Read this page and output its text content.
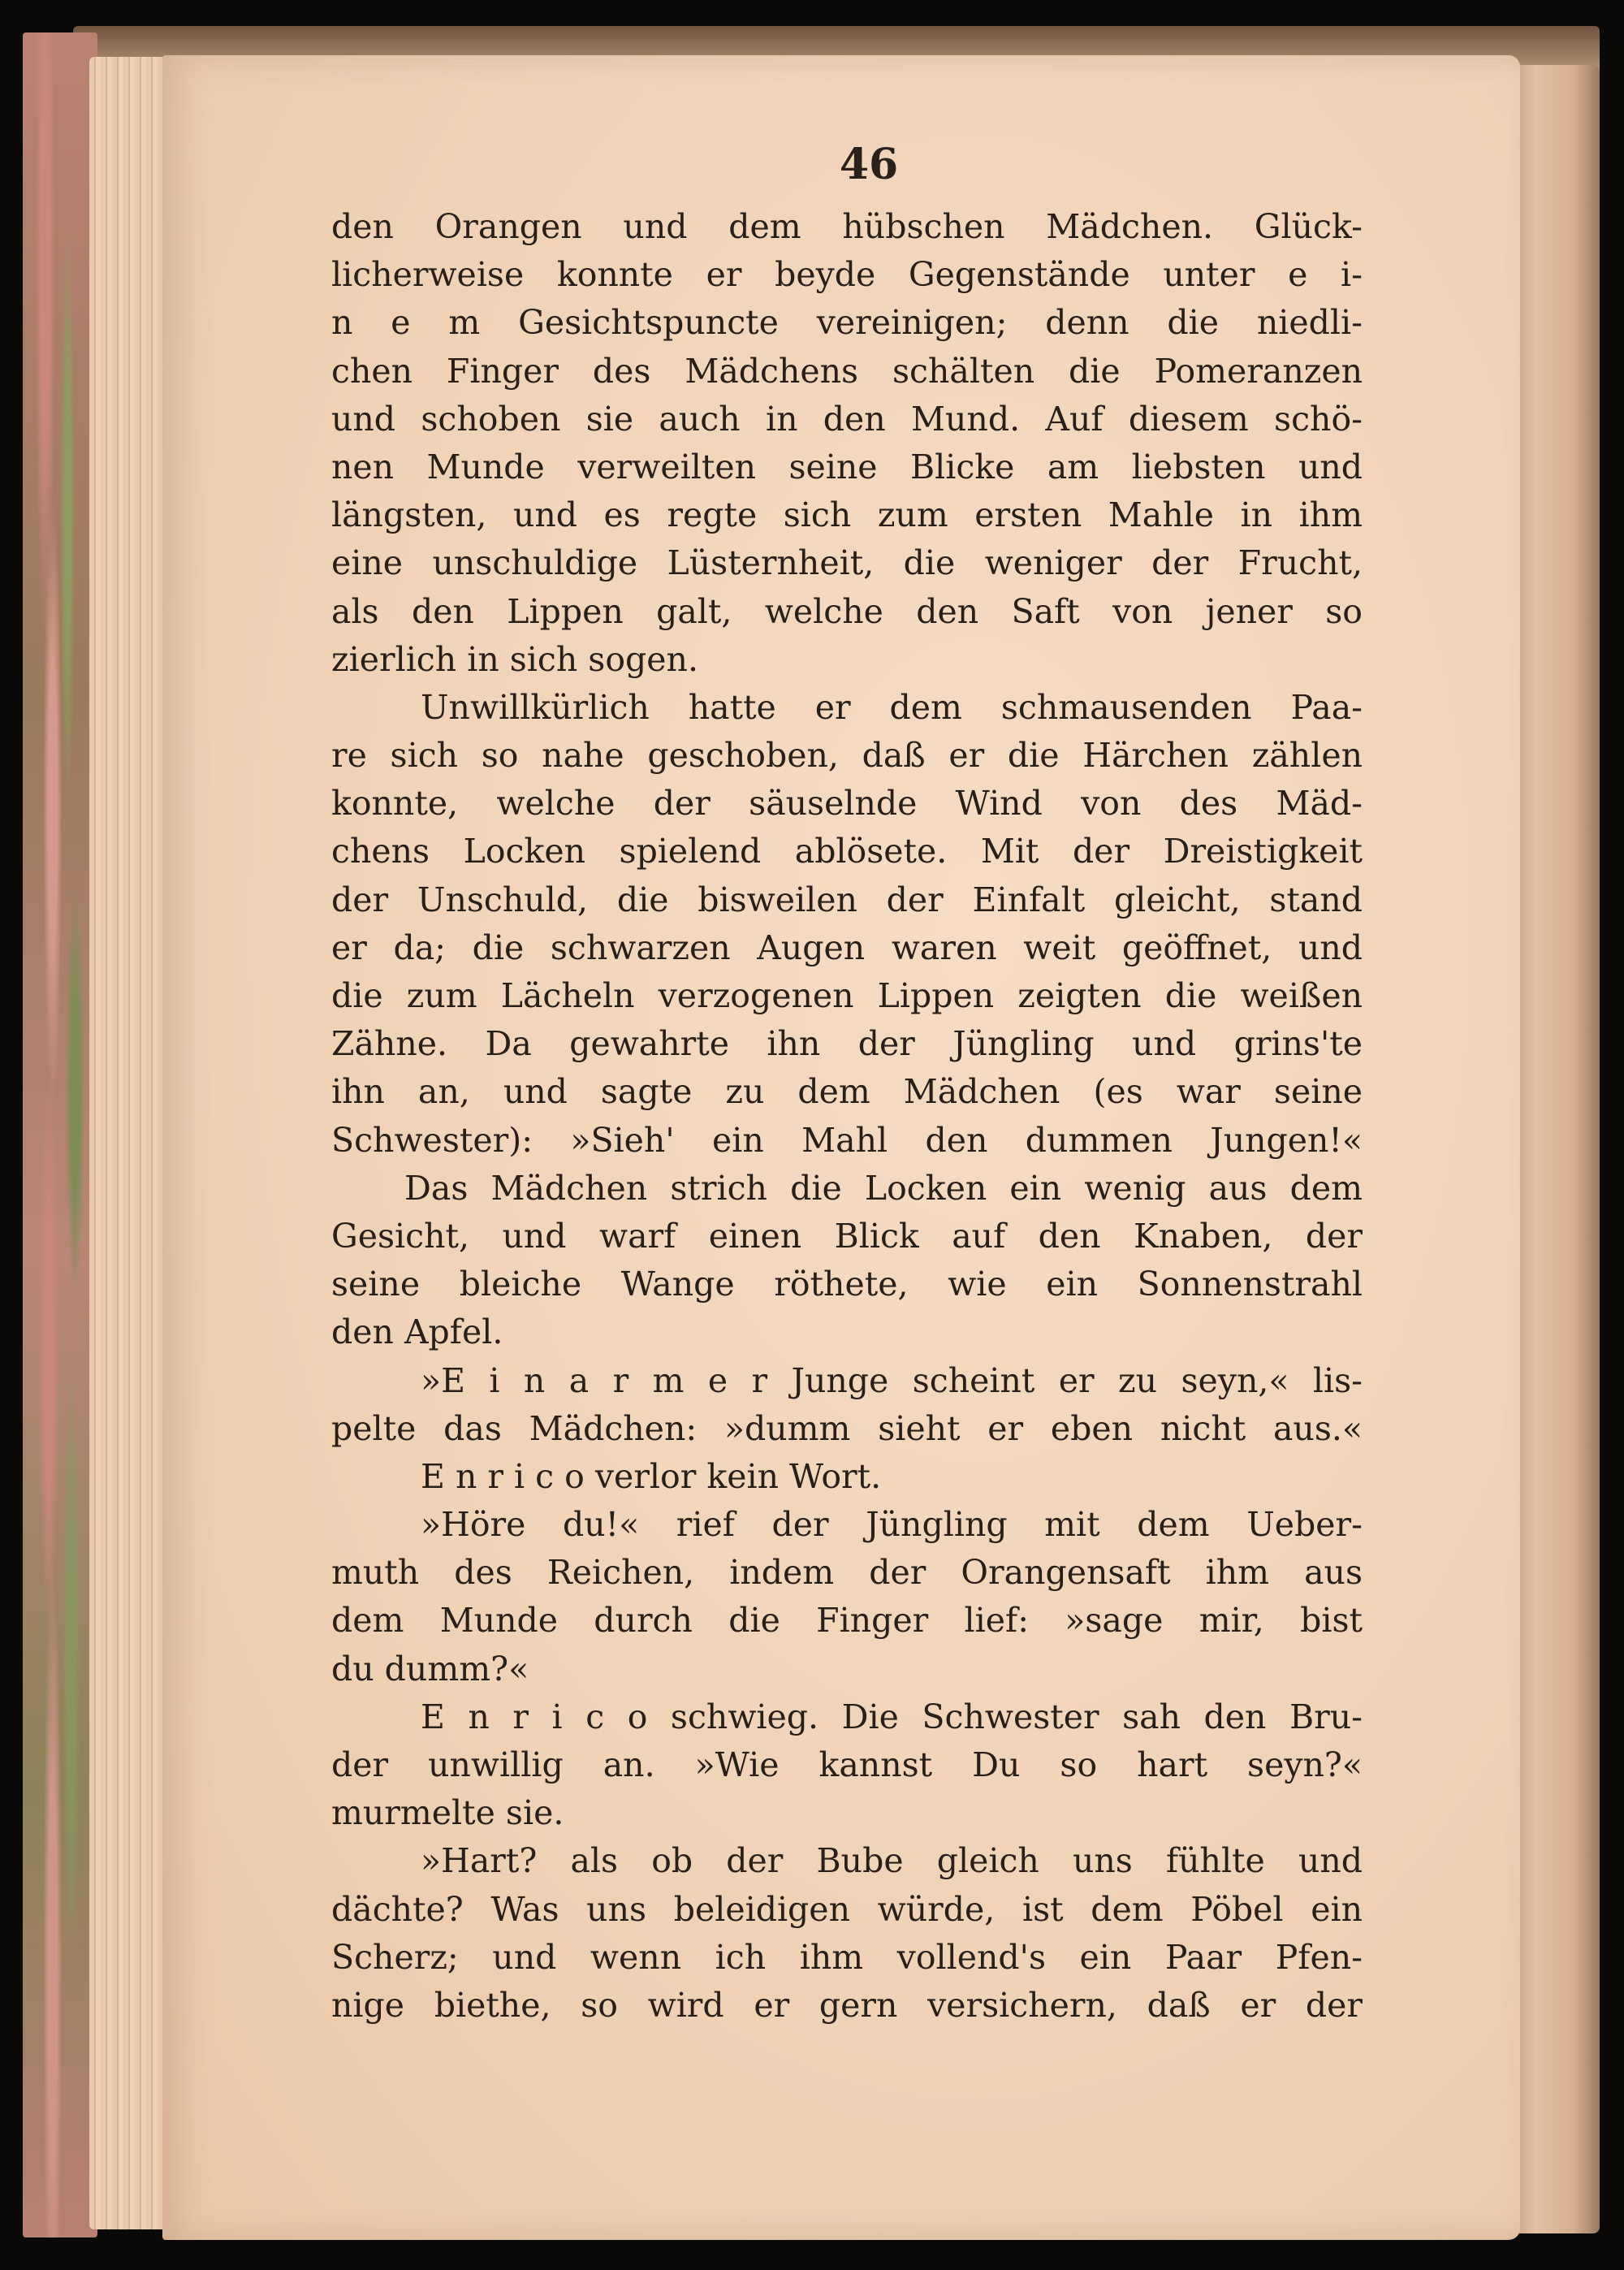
46
den Orangen und dem hübschen Mädchen. Glück-
licherweise konnte er beyde Gegenstände unter e i-
n e m Gesichtspuncte vereinigen; denn die niedli-
chen Finger des Mädchens schälten die Pomeranzen
und schoben sie auch in den Mund. Auf diesem schö-
nen Munde verweilten seine Blicke am liebsten und
längsten, und es regte sich zum ersten Mahle in ihm
eine unschuldige Lüsternheit, die weniger der Frucht,
als den Lippen galt, welche den Saft von jener so
zierlich in sich sogen.
Unwillkürlich hatte er dem schmausenden Paa-
re sich so nahe geschoben, daß er die Härchen zählen
konnte, welche der säuselnde Wind von des Mäd-
chens Locken spielend ablösete. Mit der Dreistigkeit
der Unschuld, die bisweilen der Einfalt gleicht, stand
er da; die schwarzen Augen waren weit geöffnet, und
die zum Lächeln verzogenen Lippen zeigten die weißen
Zähne. Da gewahrte ihn der Jüngling und grins'te
ihn an, und sagte zu dem Mädchen (es war seine
Schwester): »Sieh' ein Mahl den dummen Jungen!«
Das Mädchen strich die Locken ein wenig aus dem
Gesicht, und warf einen Blick auf den Knaben, der
seine bleiche Wange röthete, wie ein Sonnenstrahl
den Apfel.
»E i n a r m e r Junge scheint er zu seyn,« lis-
pelte das Mädchen: »dumm sieht er eben nicht aus.«
E n r i c o verlor kein Wort.
»Höre du!« rief der Jüngling mit dem Ueber-
muth des Reichen, indem der Orangensaft ihm aus
dem Munde durch die Finger lief: »sage mir, bist
du dumm?«
E n r i c o schwieg. Die Schwester sah den Bru-
der unwillig an. »Wie kannst Du so hart seyn?«
murmelte sie.
»Hart? als ob der Bube gleich uns fühlte und
dächte? Was uns beleidigen würde, ist dem Pöbel ein
Scherz; und wenn ich ihm vollend's ein Paar Pfen-
nige biethe, so wird er gern versichern, daß er der
